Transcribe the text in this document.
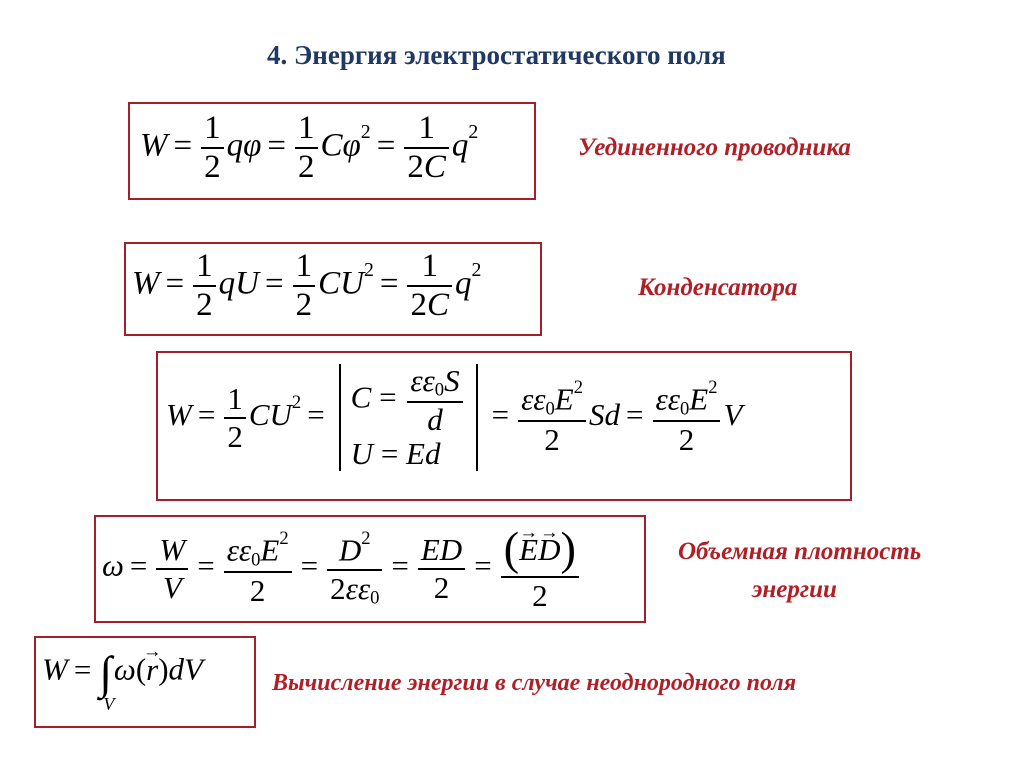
4. Энергия электростатического поля
$W = \frac{1}{2}$ $q\varphi = \frac{1}{2} C\varphi^2 = \frac{1}{2C} q^2$
Уединенного проводника
$W = \frac{1}{2}$ qU = $\frac{1}{2} CU^2 = \frac{1}{2C} q^2$
Конденсатора
$W = \frac{1}{2} CU^2 = C = \frac{\varepsilon\varepsilon_0S}{d}$
U = Ed
= $\frac{\varepsilon\varepsilon_0E^2}{2}$ $Sd = \frac{\varepsilon\varepsilon_0E^2}{2}$ V
$\omega = \frac{W}{V} = \frac{\varepsilon\varepsilon_0E^2}{2} = \frac{D^2}{2\varepsilon\varepsilon_0} = \frac{ED}{2} = \frac{(\to E\to D)}{2}$	Объемная плотность
энергии
W = ∫
V
ω(→ r)dV	Вычисление энергии в случае неоднородного поля
